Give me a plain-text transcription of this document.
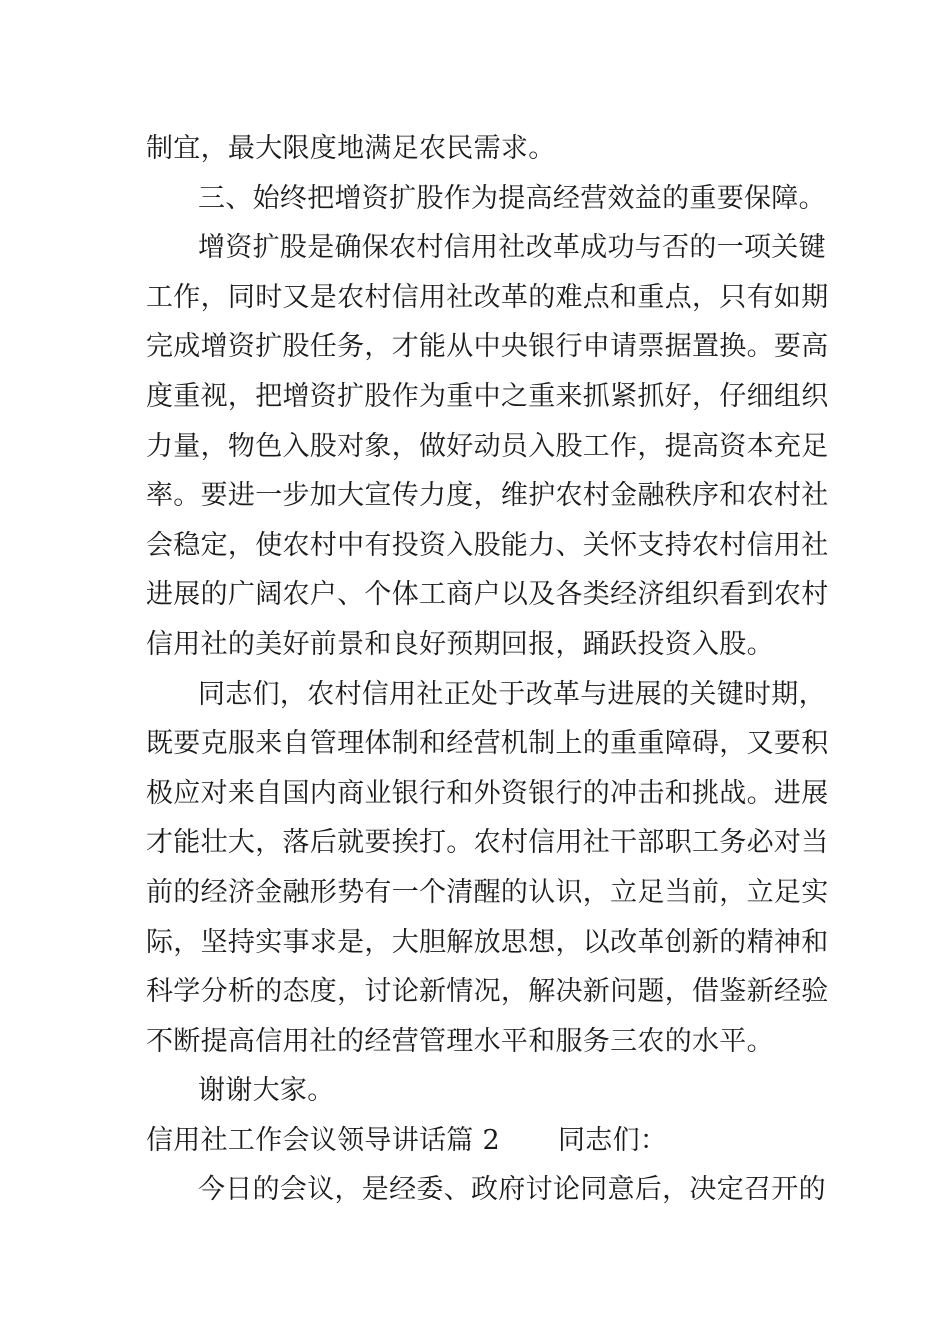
制宜，最大限度地满足农民需求。
三、始终把增资扩股作为提高经营效益的重要保障。
增资扩股是确保农村信用社改革成功与否的一项关键
工作，同时又是农村信用社改革的难点和重点，只有如期
完成增资扩股任务，才能从中央银行申请票据置换。要高
度重视，把增资扩股作为重中之重来抓紧抓好，仔细组织
力量，物色入股对象，做好动员入股工作，提高资本充足
率。要进一步加大宣传力度，维护农村金融秩序和农村社
会稳定，使农村中有投资入股能力、关怀支持农村信用社
进展的广阔农户、个体工商户以及各类经济组织看到农村
信用社的美好前景和良好预期回报，踊跃投资入股。
同志们，农村信用社正处于改革与进展的关键时期，
既要克服来自管理体制和经营机制上的重重障碍，又要积
极应对来自国内商业银行和外资银行的冲击和挑战。进展
才能壮大，落后就要挨打。农村信用社干部职工务必对当
前的经济金融形势有一个清醒的认识，立足当前，立足实
际，坚持实事求是，大胆解放思想，以改革创新的精神和
科学分析的态度，讨论新情况，解决新问题，借鉴新经验
不断提高信用社的经营管理水平和服务三农的水平。
谢谢大家。
信用社工作会议领导讲话篇 2 同志们：
今日的会议，是经委、政府讨论同意后，决定召开的
